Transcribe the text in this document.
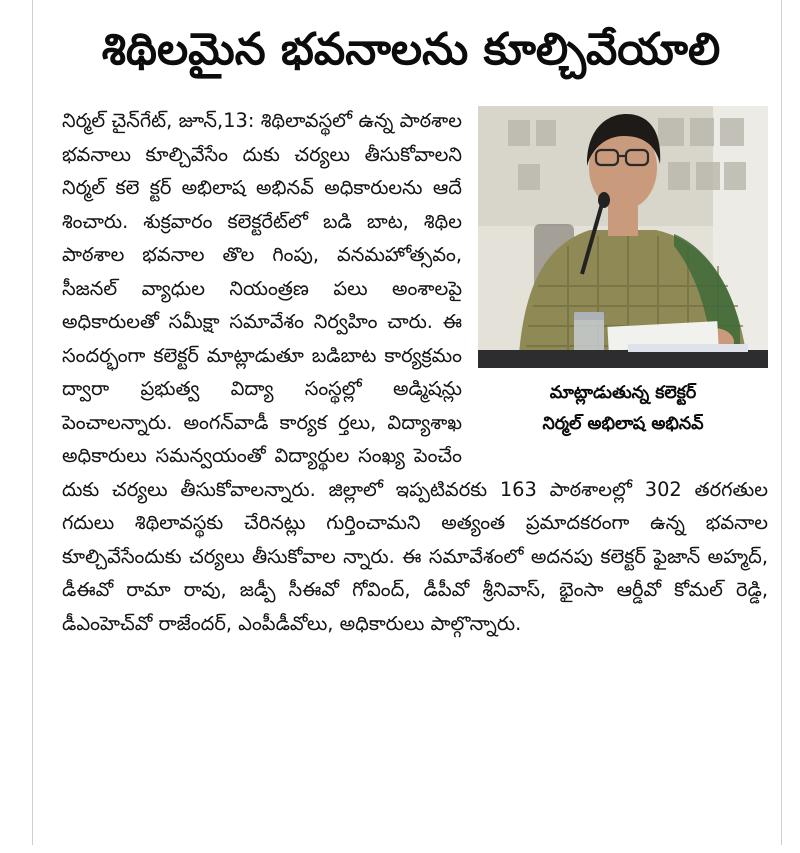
శిథిలమైన భవనాలను కూల్చివేయాలి
మాట్లాడుతున్న కలెక్టర్
నిర్మల్ అభిలాష అభినవ్

నిర్మల్ చైన్‌గేట్, జూన్,13: శిథిలావస్థలో ఉన్న పాఠశాల భవనాలు కూల్చివేసేం దుకు చర్యలు తీసుకోవాలని నిర్మల్ కలె క్టర్ అభిలాష అభినవ్ అధికారులను ఆదే శించారు. శుక్రవారం కలెక్టరేట్‌లో బడి బాట, శిథిల పాఠశాల భవనాల తొల గింపు, వనమహోత్సవం, సీజనల్ వ్యాధుల నియంత్రణ పలు అంశాలపై అధికారులతో సమీక్షా సమావేశం నిర్వహిం చారు. ఈ సందర్భంగా కలెక్టర్ మాట్లాడుతూ బడిబాట కార్యక్రమం ద్వారా ప్రభుత్వ విద్యా సంస్థల్లో అడ్మిషన్లు పెంచాలన్నారు. అంగన్‌వాడీ కార్యక ర్తలు, విద్యాశాఖ అధికారులు సమన్వయంతో విద్యార్థుల సంఖ్య పెంచేం దుకు చర్యలు తీసుకోవాలన్నారు. జిల్లాలో ఇప్పటివరకు 163 పాఠశాలల్లో 302 తరగతుల గదులు శిథిలావస్థకు చేరినట్లు గుర్తించామని అత్యంత ప్రమాదకరంగా ఉన్న భవనాల కూల్చివేసేందుకు చర్యలు తీసుకోవాల న్నారు. ఈ సమావేశంలో అదనపు కలెక్టర్ ఫైజాన్ అహ్మద్, డీఈవో రామా రావు, జడ్పీ సీఈవో గోవింద్, డీపీవో శ్రీనివాస్, భైంసా ఆర్డీవో కోమల్ రెడ్డి, డీఎంహెచ్‌వో రాజేందర్, ఎంపీడీవోలు, అధికారులు పాల్గొన్నారు.
